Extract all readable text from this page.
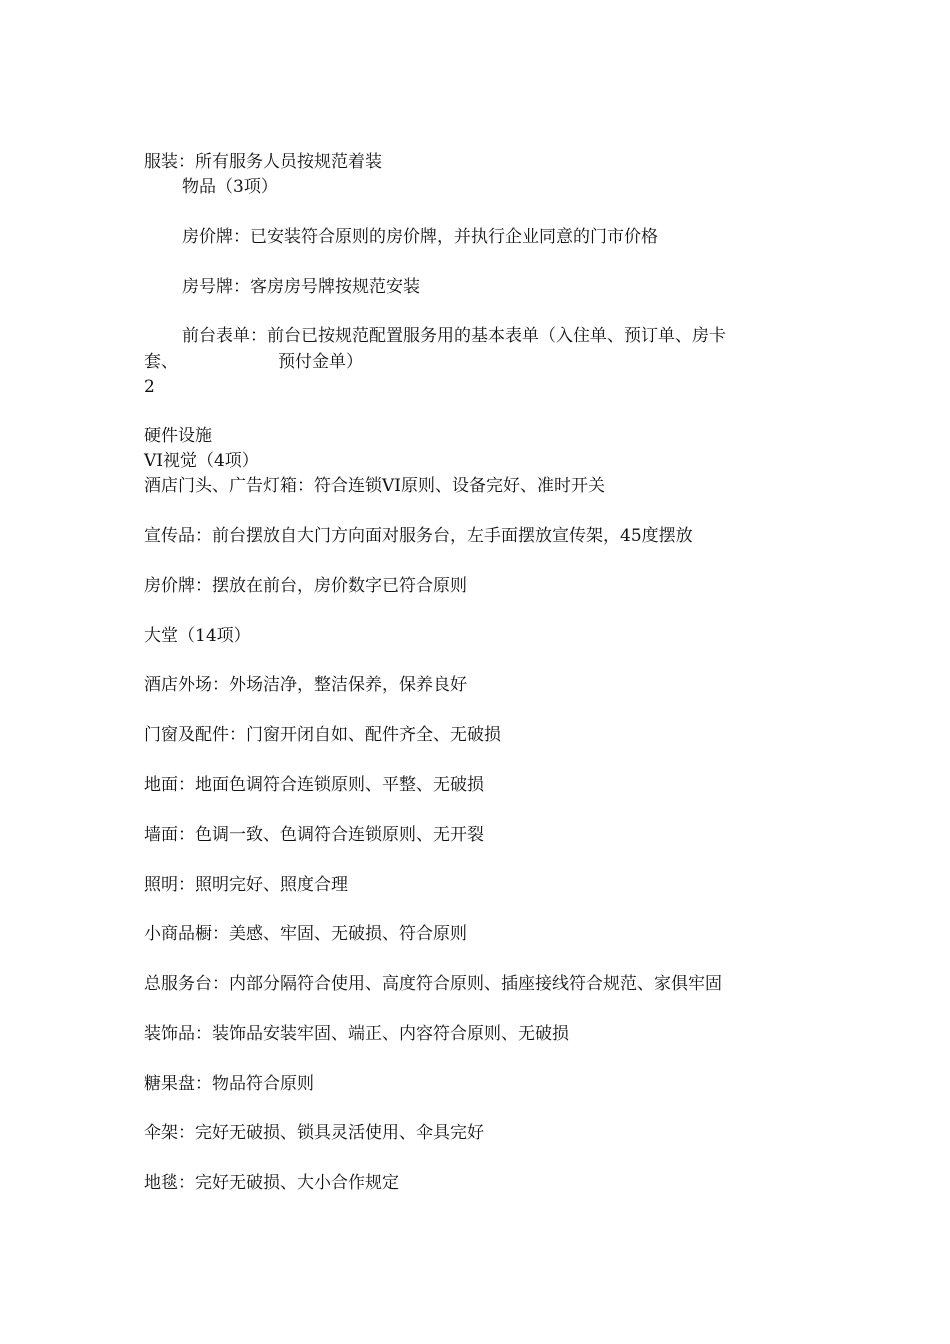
服装：所有服务人员按规范着装
物品（3项）
房价牌：已安装符合原则的房价牌，并执行企业同意的门市价格
房号牌：客房房号牌按规范安装
前台表单：前台已按规范配置服务用的基本表单（入住单、预订单、房卡
套、	预付金单）
2
硬件设施
VI视觉（4项）
酒店门头、广告灯箱：符合连锁VI原则、设备完好、准时开关
宣传品：前台摆放自大门方向面对服务台，左手面摆放宣传架，45度摆放
房价牌：摆放在前台，房价数字已符合原则
大堂（14项）
酒店外场：外场洁净，整洁保养，保养良好
门窗及配件：门窗开闭自如、配件齐全、无破损
地面：地面色调符合连锁原则、平整、无破损
墙面：色调一致、色调符合连锁原则、无开裂
照明：照明完好、照度合理
小商品橱：美感、牢固、无破损、符合原则
总服务台：内部分隔符合使用、高度符合原则、插座接线符合规范、家俱牢固
装饰品：装饰品安装牢固、端正、内容符合原则、无破损
糖果盘：物品符合原则
伞架：完好无破损、锁具灵活使用、伞具完好
地毯：完好无破损、大小合作规定
